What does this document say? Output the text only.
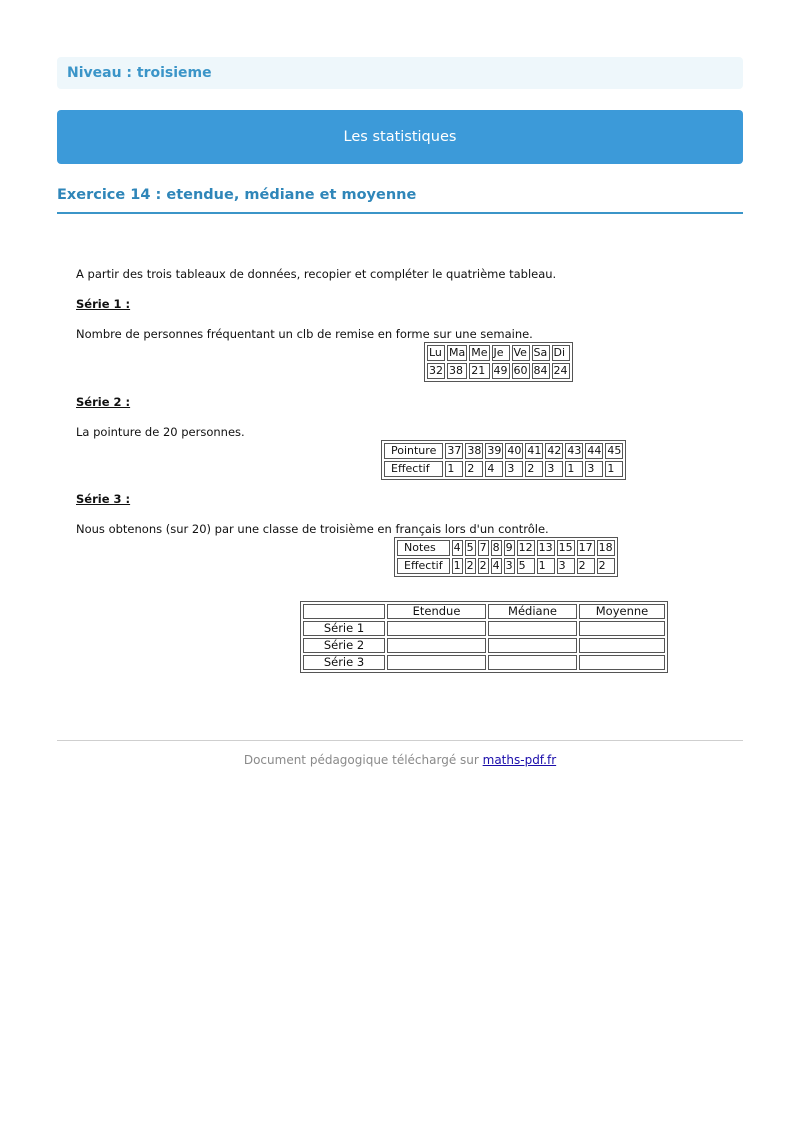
Niveau : troisieme
Les statistiques
Exercice 14 : etendue, médiane et moyenne
A partir des trois tableaux de données, recopier et compléter le quatrième tableau.
Série 1 :
Nombre de personnes fréquentant un clb de remise en forme sur une semaine.
Lu	Ma	Me	Je	Ve	Sa	Di
32	38	21	49	60	84	24
Série 2 :
La pointure de 20 personnes.
Pointure	37	38	39	40	41	42	43	44	45
Effectif	1	2	4	3	2	3	1	3	1
Série 3 :
Nous obtenons (sur 20) par une classe de troisième en français lors d'un contrôle.
Notes	4	5	7	8	9	12	13	15	17	18
Effectif	1	2	2	4	3	5	1	3	2	2
	Etendue	Médiane	Moyenne
Série 1			
Série 2			
Série 3			
Document pédagogique téléchargé sur maths-pdf.fr
